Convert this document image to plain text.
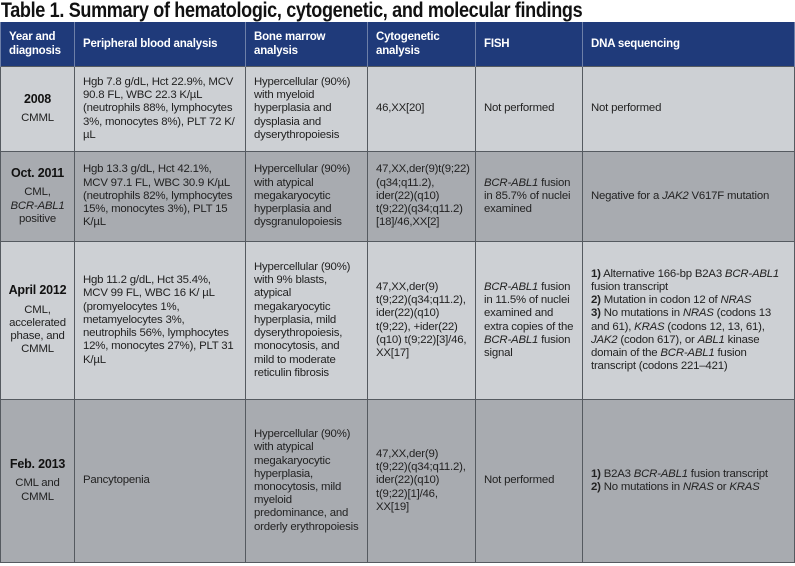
Table 1. Summary of hematologic, cytogenetic, and molecular findings
Year and diagnosis	Peripheral blood analysis	Bone marrow analysis	Cytogenetic analysis	FISH	DNA sequencing

2008
CMML	Hgb 7.8 g/dL, Hct 22.9%, MCV 90.8 FL, WBC 22.3 K/µL (neutrophils 88%, lymphocytes 3%, monocytes 8%), PLT 72 K/µL	Hypercellular (90%) with myeloid hyperplasia and dysplasia and dyserythropoiesis	46,XX[20]	Not performed	Not performed

Oct. 2011
CML,
BCR-ABL1
positive	Hgb 13.3 g/dL, Hct 42.1%, MCV 97.1 FL, WBC 30.9 K/µL (neutrophils 82%, lymphocytes 15%, monocytes 3%), PLT 15 K/µL	Hypercellular (90%) with atypical megakaryocytic hyperplasia and dysgranulopoiesis	47,XX,der(9)t(9;22) (q34;q11.2), ider(22)(q10) t(9;22)(q34;q11.2) [18]/46,XX[2]	BCR-ABL1 fusion in 85.7% of nuclei examined	Negative for a JAK2 V617F mutation

April 2012
CML, accelerated phase, and CMML	Hgb 11.2 g/dL, Hct 35.4%, MCV 99 FL, WBC 16 K/ µL (promyelocytes 1%, metamyelocytes 3%, neutrophils 56%, lymphocytes 12%, monocytes 27%), PLT 31 K/µL	Hypercellular (90%) with 9% blasts, atypical megakaryocytic hyperplasia, mild dyserythropoiesis, monocytosis, and mild to moderate reticulin fibrosis	47,XX,der(9) t(9;22)(q34;q11.2), ider(22)(q10) t(9;22), +ider(22)(q10) t(9;22)[3]/46, XX[17]	BCR-ABL1 fusion in 11.5% of nuclei examined and extra copies of the BCR-ABL1 fusion signal	1) Alternative 166-bp B2A3 BCR-ABL1 fusion transcript
2) Mutation in codon 12 of NRAS
3) No mutations in NRAS (codons 13 and 61), KRAS (codons 12, 13, 61), JAK2 (codon 617), or ABL1 kinase domain of the BCR-ABL1 fusion transcript (codons 221–421)

Feb. 2013
CML and CMML	Pancytopenia	Hypercellular (90%) with atypical megakaryocytic hyperplasia, monocytosis, mild myeloid predominance, and orderly erythropoiesis	47,XX,der(9) t(9;22)(q34;q11.2), ider(22)(q10) t(9;22)[1]/46, XX[19]	Not performed	1) B2A3 BCR-ABL1 fusion transcript
2) No mutations in NRAS or KRAS
